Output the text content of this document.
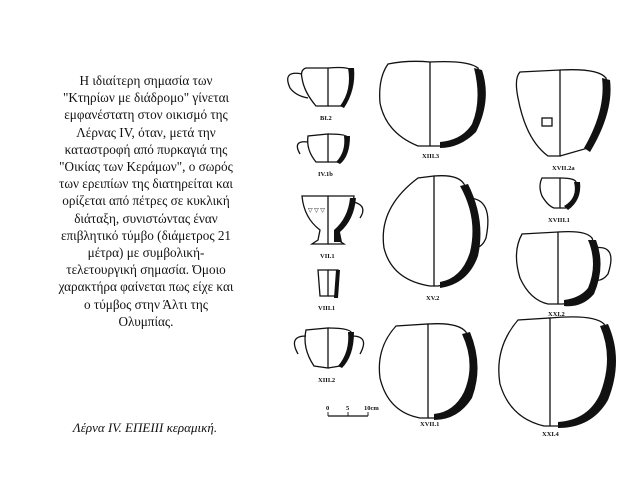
Η ιδιαίτερη σημασία των "Κτηρίων με διάδρομο" γίνεται εμφανέστατη στον οικισμό της Λέρνας IV, όταν, μετά την καταστροφή από πυρκαγιά της "Οικίας των Κεράμων", ο σωρός των ερειπίων της διατηρείται και ορίζεται από πέτρες σε κυκλική διάταξη, συνιστώντας έναν επιβλητικό τύμβο (διάμετρος 21 μέτρα) με συμβολική-τελετουργική σημασία. Όμοιο χαρακτήρα φαίνεται πως είχε και ο τύμβος στην Άλτι της Ολυμπίας.

Λέρνα IV. ΕΠΕΙΙΙ κεραμική.
BI.2
XIII.3
XVII.2a
IV.1b
▽ ▽ ▽
VII.1
XV.2
XVIII.1
VIII.1
XXI.2
XIII.2
XVII.1
XXI.4
0	5 10cm
